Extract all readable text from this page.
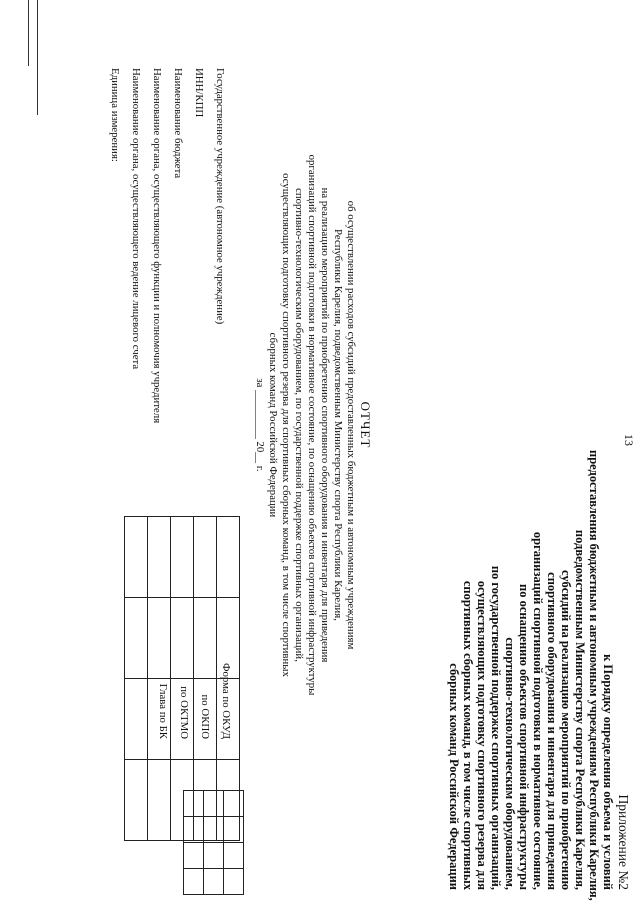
13
Приложение №2
к Порядку определения объема и условий
предоставления бюджетным и автономным учреждениям Республики Карелия,
подведомственным Министерству спорта Республики Карелия,
субсидий на реализацию мероприятий по приобретению
спортивного оборудования и инвентаря для приведения
организаций спортивной подготовки в нормативное состояние,
по оснащению объектов спортивной инфраструктуры
спортивно-технологическим оборудованием,
по государственной поддержке спортивных организаций,
осуществляющих подготовку спортивного резерва для
спортивных сборных команд, в том числе спортивных
сборных команд Российской Федерации
ОТЧЕТ
об осуществлении расходов субсидий предоставленных бюджетным и автономным учреждениям
Республики Карелия, подведомственным Министерству спорта Республики Карелия,
на реализацию мероприятий по приобретению спортивного оборудования и инвентаря для приведения
организаций спортивной подготовки в нормативное состояние, по оснащению объектов спортивной инфраструктуры
спортивно-технологическим оборудованием, по государственной поддержке спортивных организаций,
осуществляющих подготовку спортивного резерва для спортивных сборных команд, в том числе спортивных
сборных команд Российской Федерации
за _________ 20__ г.
Форма по ОКУД
по ОКПО
по ОКТМО
Глава по БК

Государственное учреждение (автономное учреждение)
ИНН/КПП
Наименование бюджета
Наименование органа, осуществляющего функции и полномочия учредителя
Наименование органа, осуществляющего ведение лицевого счета
Единица измерения:
